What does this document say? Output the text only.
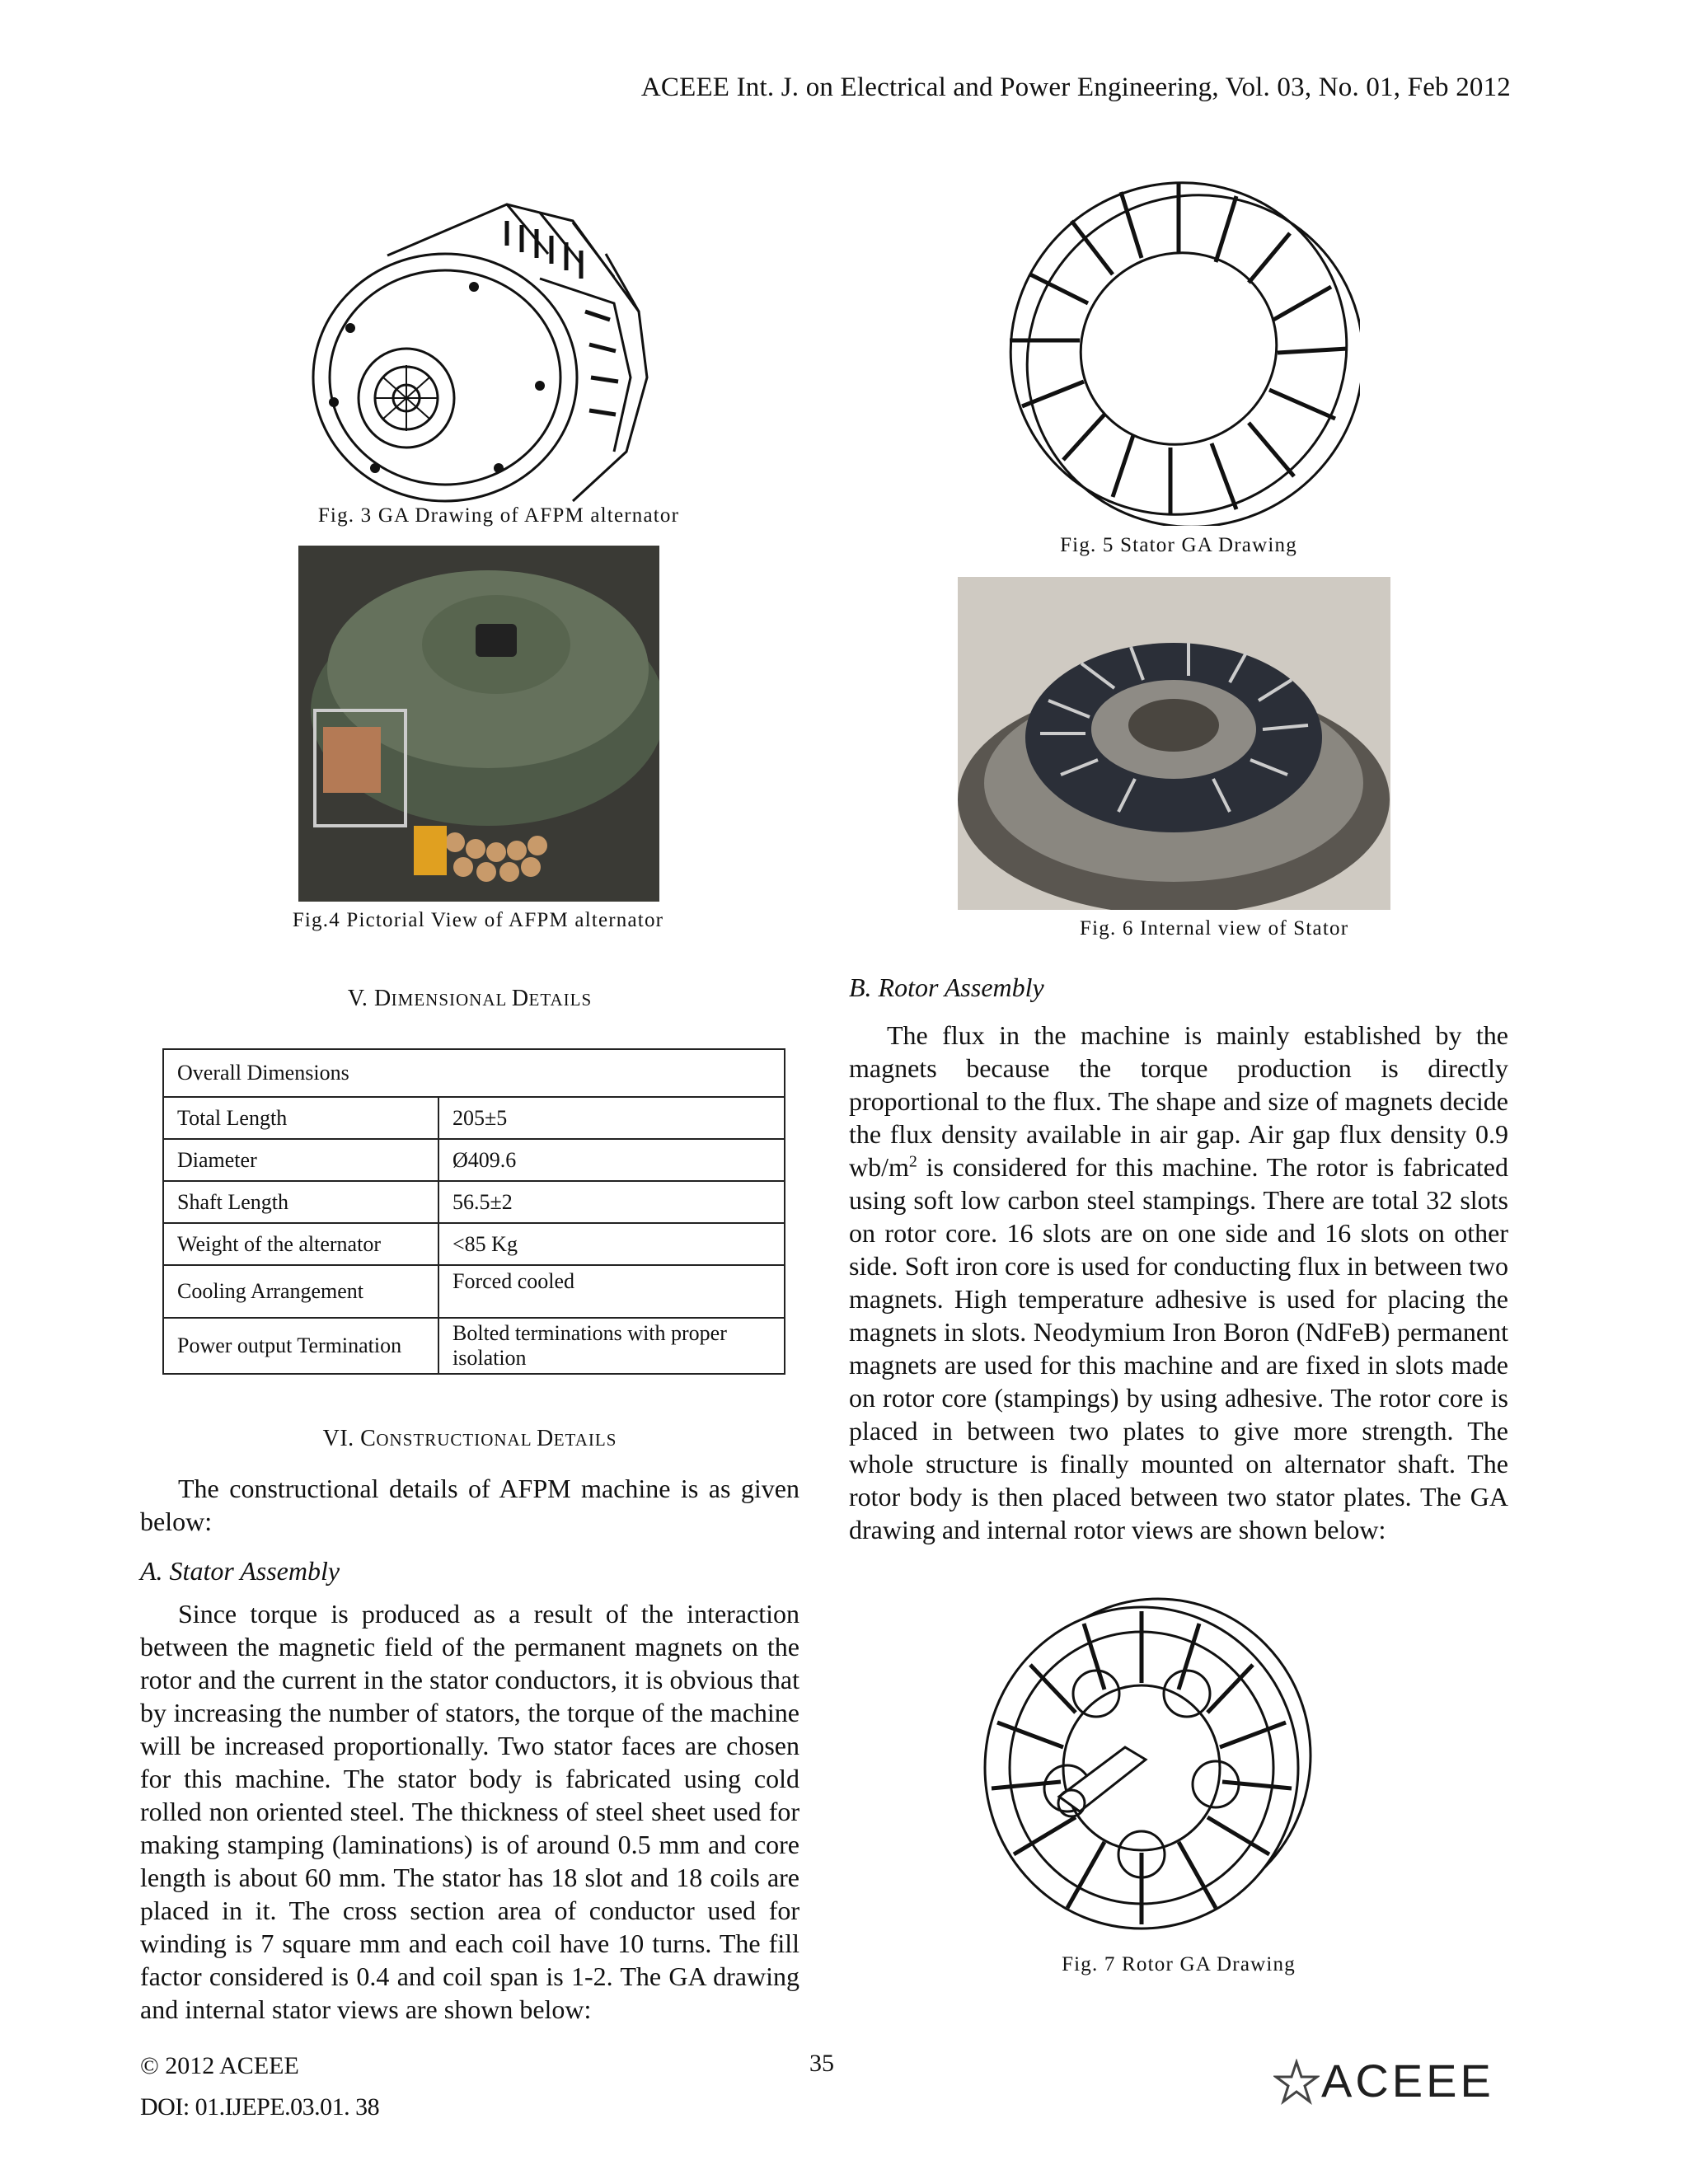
ACEEE Int. J. on Electrical and Power Engineering, Vol. 03, No. 01, Feb 2012
Fig. 3 GA Drawing of AFPM alternator
Fig.4 Pictorial View of AFPM alternator
Fig. 5 Stator GA Drawing
Fig. 6 Internal view of Stator
V. DIMENSIONAL DETAILS
Overall Dimensions	
Total Length	205±5
Diameter	Ø409.6
Shaft Length	56.5±2
Weight of the alternator	<85 Kg
Cooling Arrangement	Forced cooled
Power output Termination	Bolted terminations with proper isolation
VI. CONSTRUCTIONAL DETAILS

The constructional details of AFPM machine is as given below:

A. Stator Assembly

Since torque is produced as a result of the interaction between the magnetic field of the permanent magnets on the rotor and the current in the stator conductors, it is obvious that by increasing the number of stators, the torque of the machine will be increased proportionally. Two stator faces are chosen for this machine. The stator body is fabricated using cold rolled non oriented steel. The thickness of steel sheet used for making stamping (laminations) is of around 0.5 mm and core length is about 60 mm. The stator has 18 slot and 18 coils are placed in it. The cross section area of conductor used for winding is 7 square mm and each coil have 10 turns. The fill factor considered is 0.4 and coil span is 1-2. The GA drawing and internal stator views are shown below:

B. Rotor Assembly

The flux in the machine is mainly established by the magnets because the torque production is directly proportional to the flux. The shape and size of magnets decide the flux density available in air gap. Air gap flux density 0.9 $wb/m^2$ is considered for this machine. The rotor is fabricated using soft low carbon steel stampings. There are total 32 slots on rotor core. 16 slots are on one side and 16 slots on other side. Soft iron core is used for conducting flux in between two magnets. High temperature adhesive is used for placing the magnets in slots. Neodymium Iron Boron (NdFeB) permanent magnets are used for this machine and are fixed in slots made on rotor core (stampings) by using adhesive. The rotor core is placed in between two plates to give more strength. The whole structure is finally mounted on alternator shaft. The rotor body is then placed between two stator plates. The GA drawing and internal rotor views are shown below:

Fig. 7 Rotor GA Drawing
© 2012 ACEEE
DOI: 01.IJEPE.03.01. 38
35	ACEEE
